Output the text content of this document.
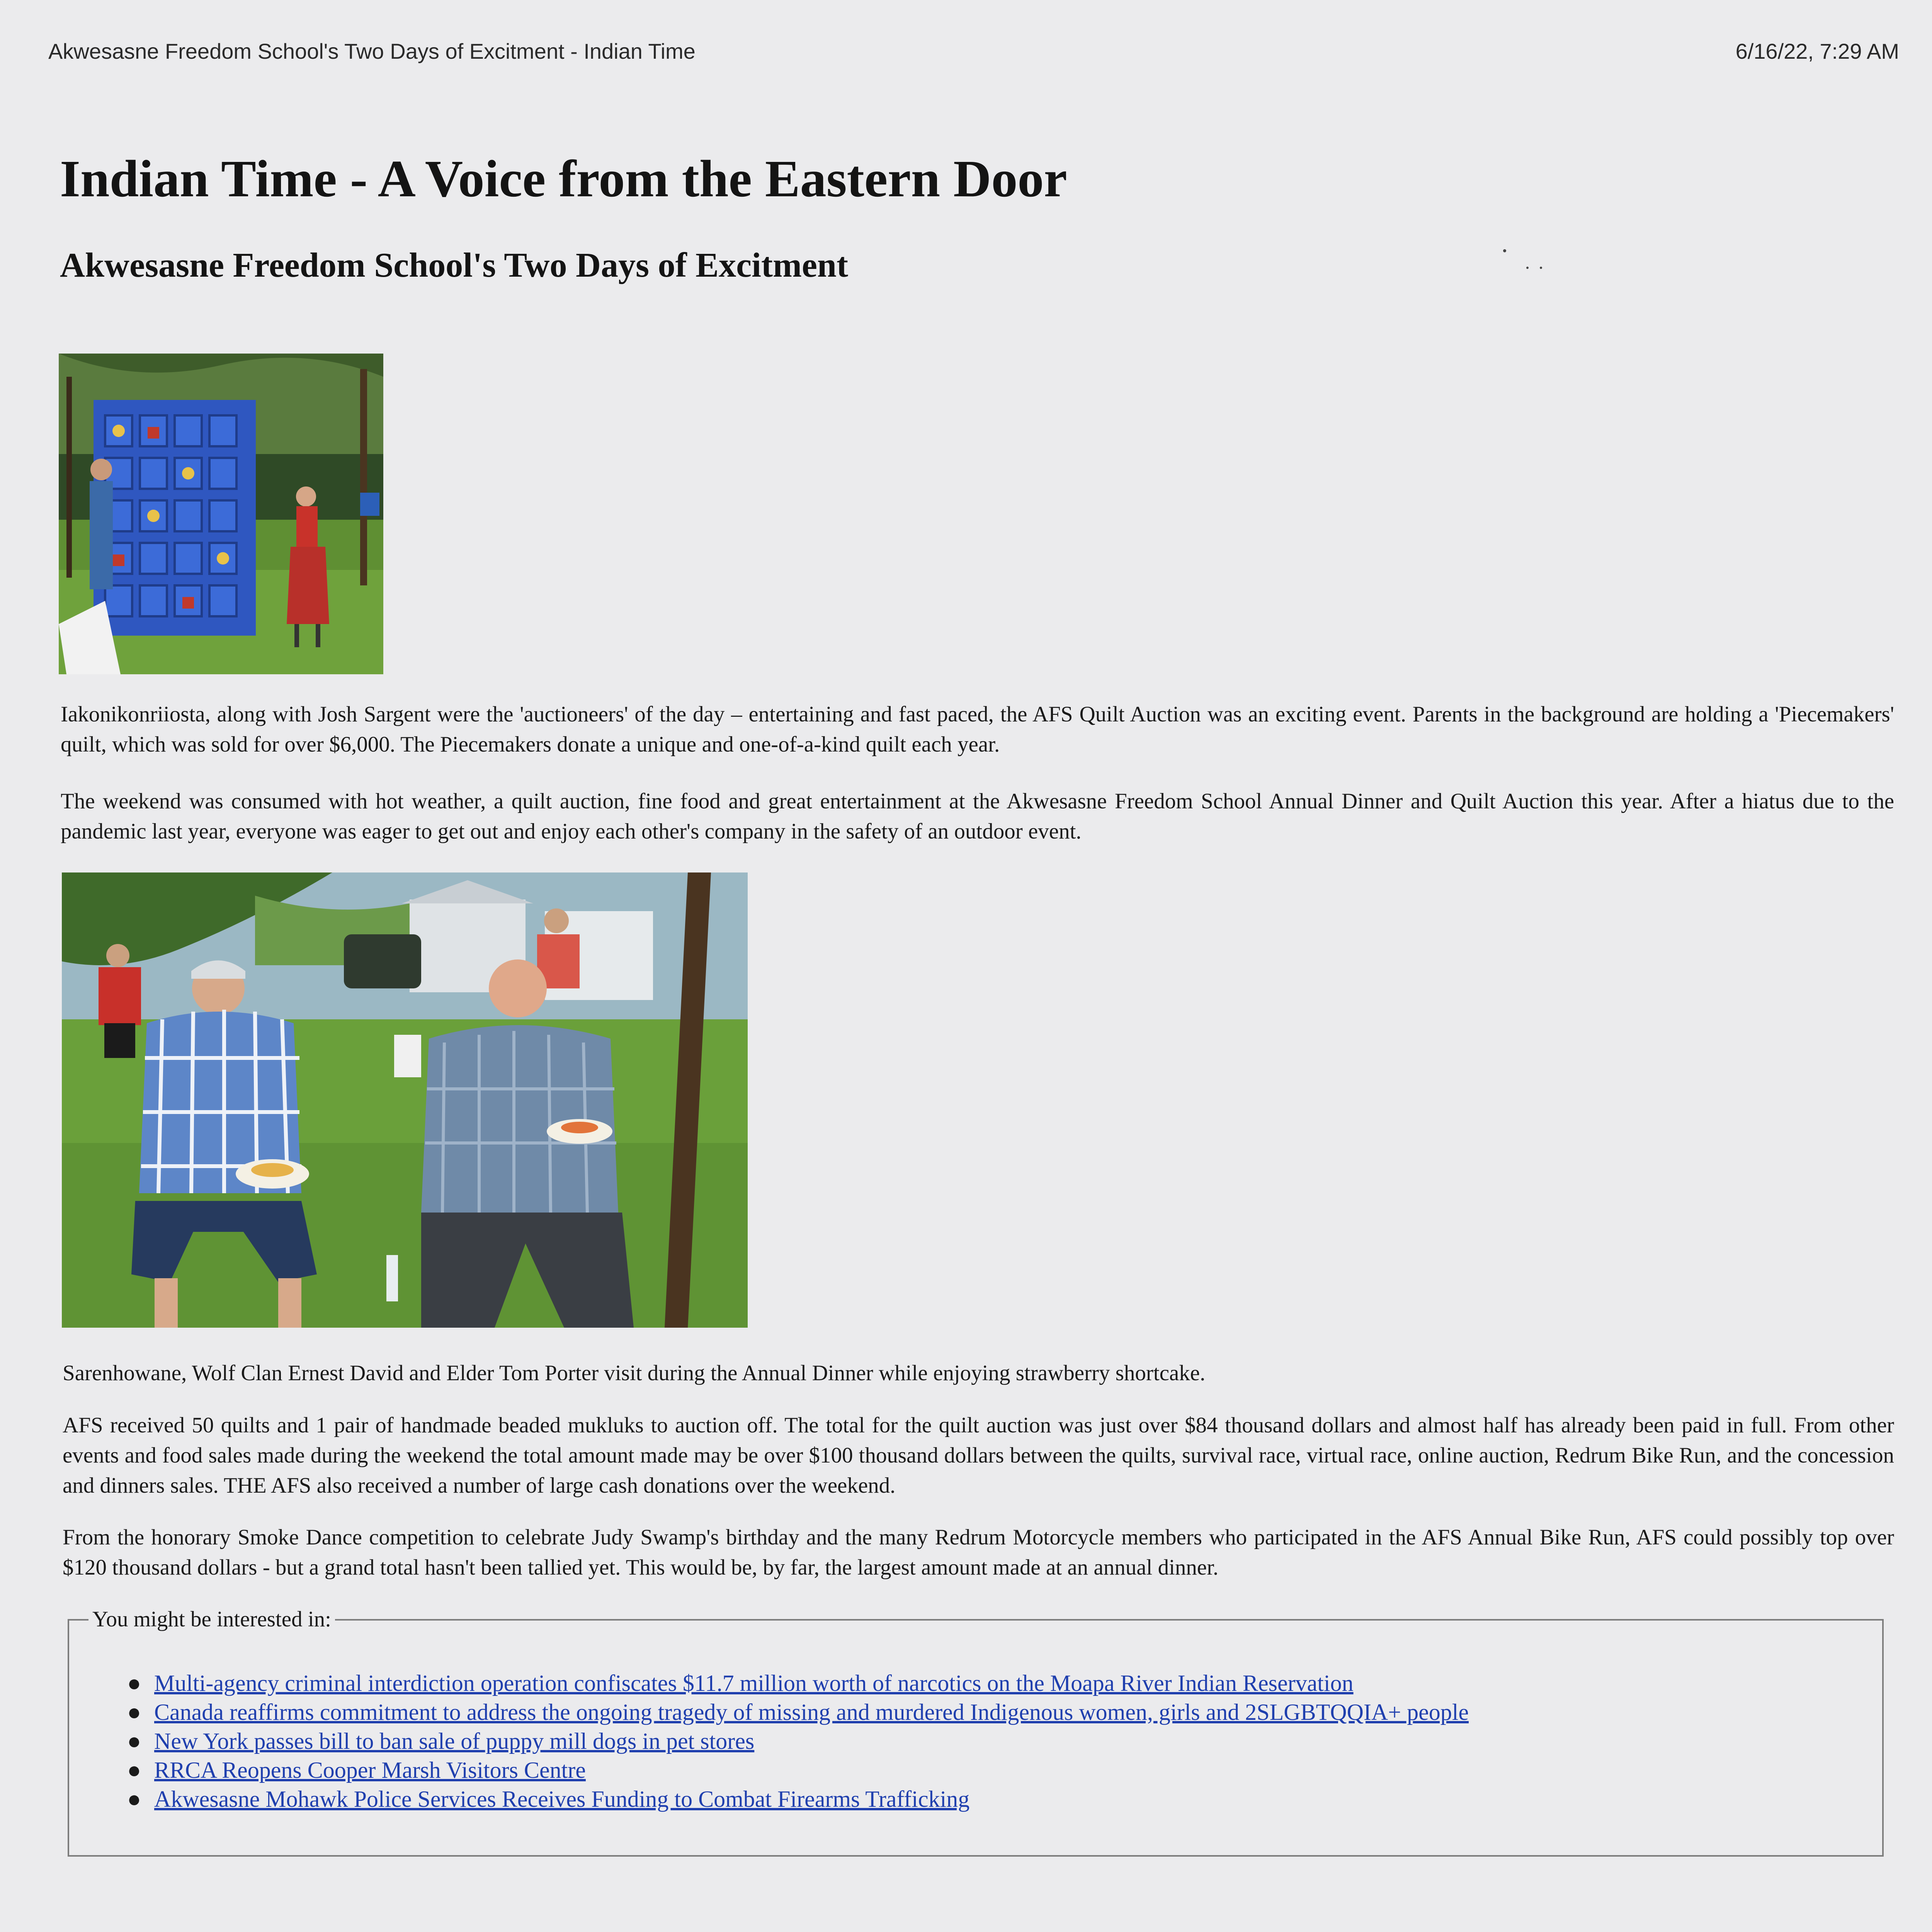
Akwesasne Freedom School's Two Days of Excitment - Indian Time	6/16/22, 7:29 AM
Indian Time - A Voice from the Eastern Door
Akwesasne Freedom School's Two Days of Excitment

Iakonikonriiosta, along with Josh Sargent were the 'auctioneers' of the day – entertaining and fast paced, the AFS Quilt Auction was an exciting event. Parents in the background are holding a 'Piecemakers' quilt, which was sold for over $6,000. The Piecemakers donate a unique and one-of-a-kind quilt each year.

The weekend was consumed with hot weather, a quilt auction, fine food and great entertainment at the Akwesasne Freedom School Annual Dinner and Quilt Auction this year. After a hiatus due to the pandemic last year, everyone was eager to get out and enjoy each other's company in the safety of an outdoor event.

Sarenhowane, Wolf Clan Ernest David and Elder Tom Porter visit during the Annual Dinner while enjoying strawberry shortcake.

AFS received 50 quilts and 1 pair of handmade beaded mukluks to auction off. The total for the quilt auction was just over $84 thousand dollars and almost half has already been paid in full. From other events and food sales made during the weekend the total amount made may be over $100 thousand dollars between the quilts, survival race, virtual race, online auction, Redrum Bike Run, and the concession and dinners sales. THE AFS also received a number of large cash donations over the weekend.

From the honorary Smoke Dance competition to celebrate Judy Swamp's birthday and the many Redrum Motorcycle members who participated in the AFS Annual Bike Run, AFS could possibly top over $120 thousand dollars - but a grand total hasn't been tallied yet. This would be, by far, the largest amount made at an annual dinner.

You might be interested in:
● Multi-agency criminal interdiction operation confiscates $11.7 million worth of narcotics on the Moapa River Indian Reservation
● Canada reaffirms commitment to address the ongoing tragedy of missing and murdered Indigenous women, girls and 2SLGBTQQIA+ people
● New York passes bill to ban sale of puppy mill dogs in pet stores
● RRCA Reopens Cooper Marsh Visitors Centre
● Akwesasne Mohawk Police Services Receives Funding to Combat Firearms Trafficking
